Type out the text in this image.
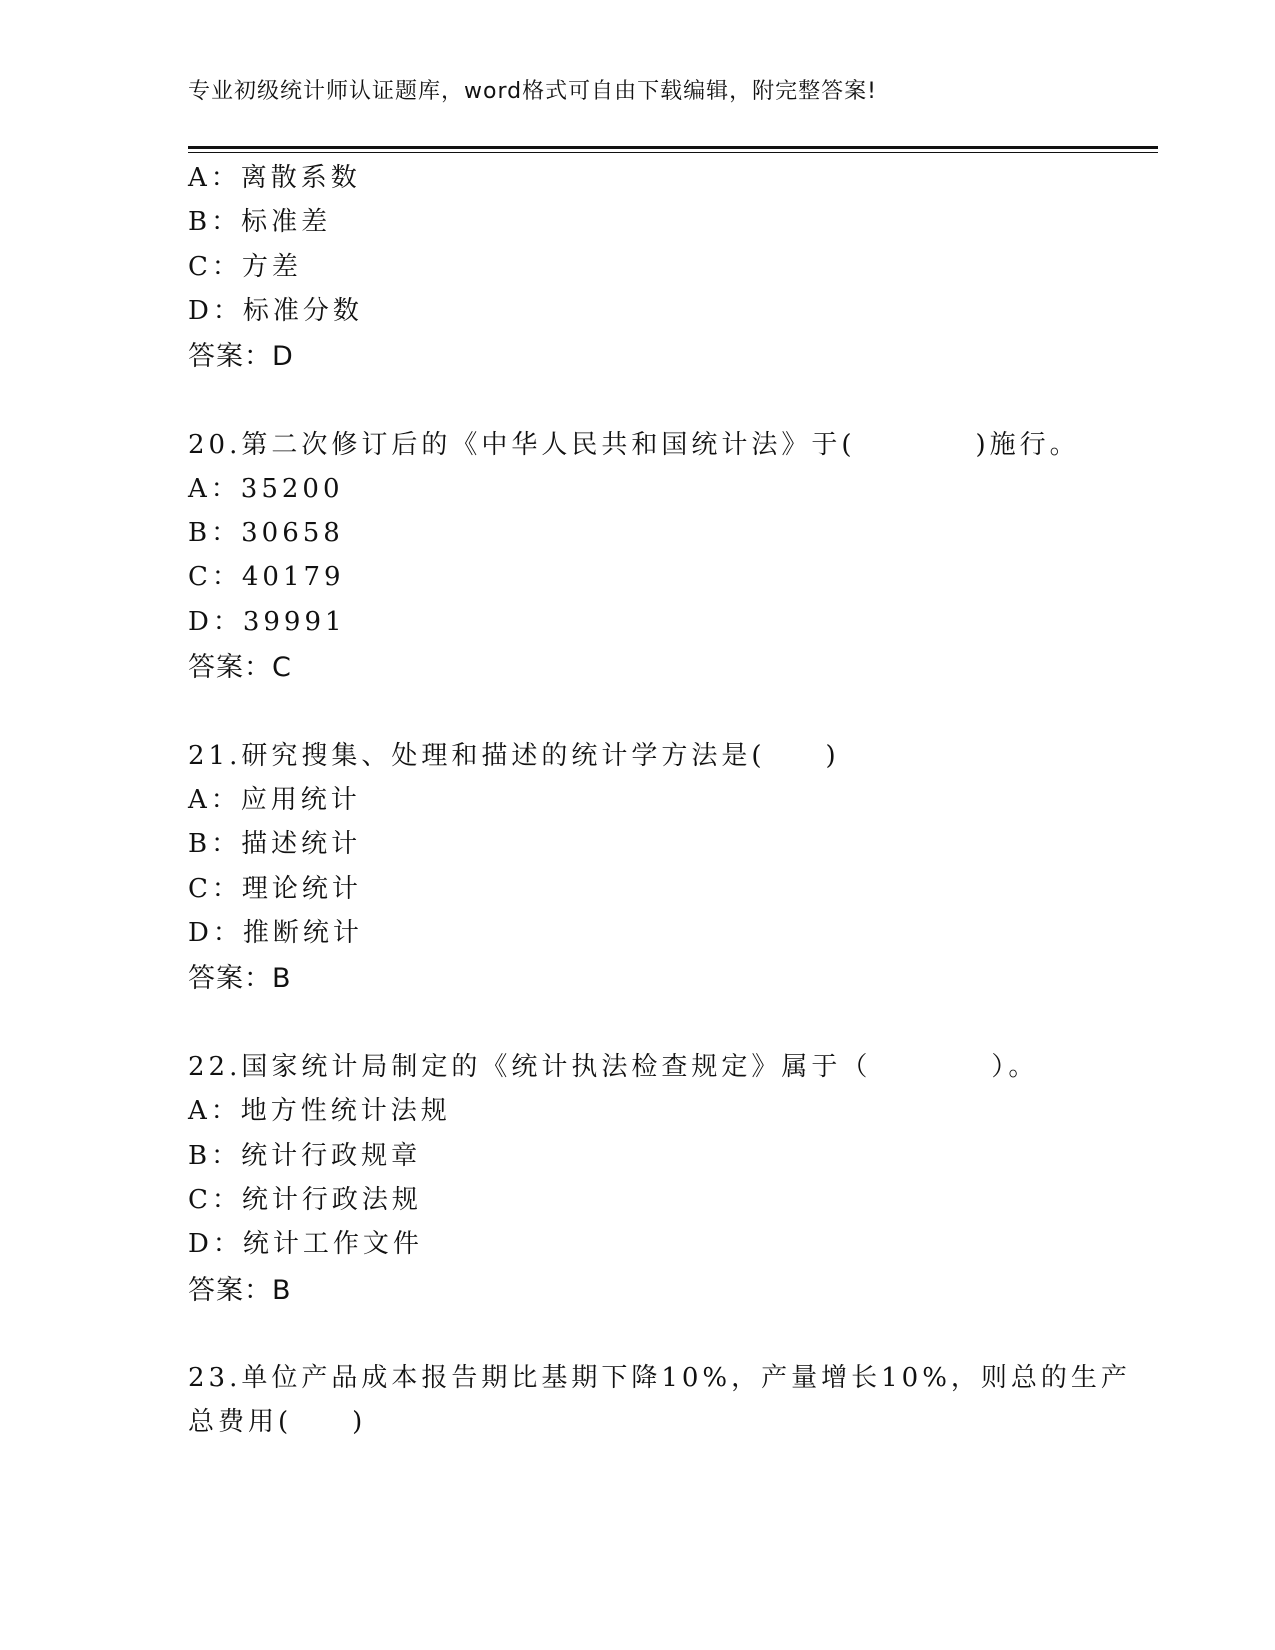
专业初级统计师认证题库，word格式可自由下载编辑，附完整答案!
A：离散系数
B：标准差
C：方差
D：标准分数
答案：D
20.第二次修订后的《中华人民共和国统计法》于(　　　　)施行。
A：35200
B：30658
C：40179
D：39991
答案：C
21.研究搜集、处理和描述的统计学方法是(　　)
A：应用统计
B：描述统计
C：理论统计
D：推断统计
答案：B
22.国家统计局制定的《统计执法检查规定》属于（　　　　）。
A：地方性统计法规
B：统计行政规章
C：统计行政法规
D：统计工作文件
答案：B
23.单位产品成本报告期比基期下降10%，产量增长10%，则总的生产
总费用(　　)
